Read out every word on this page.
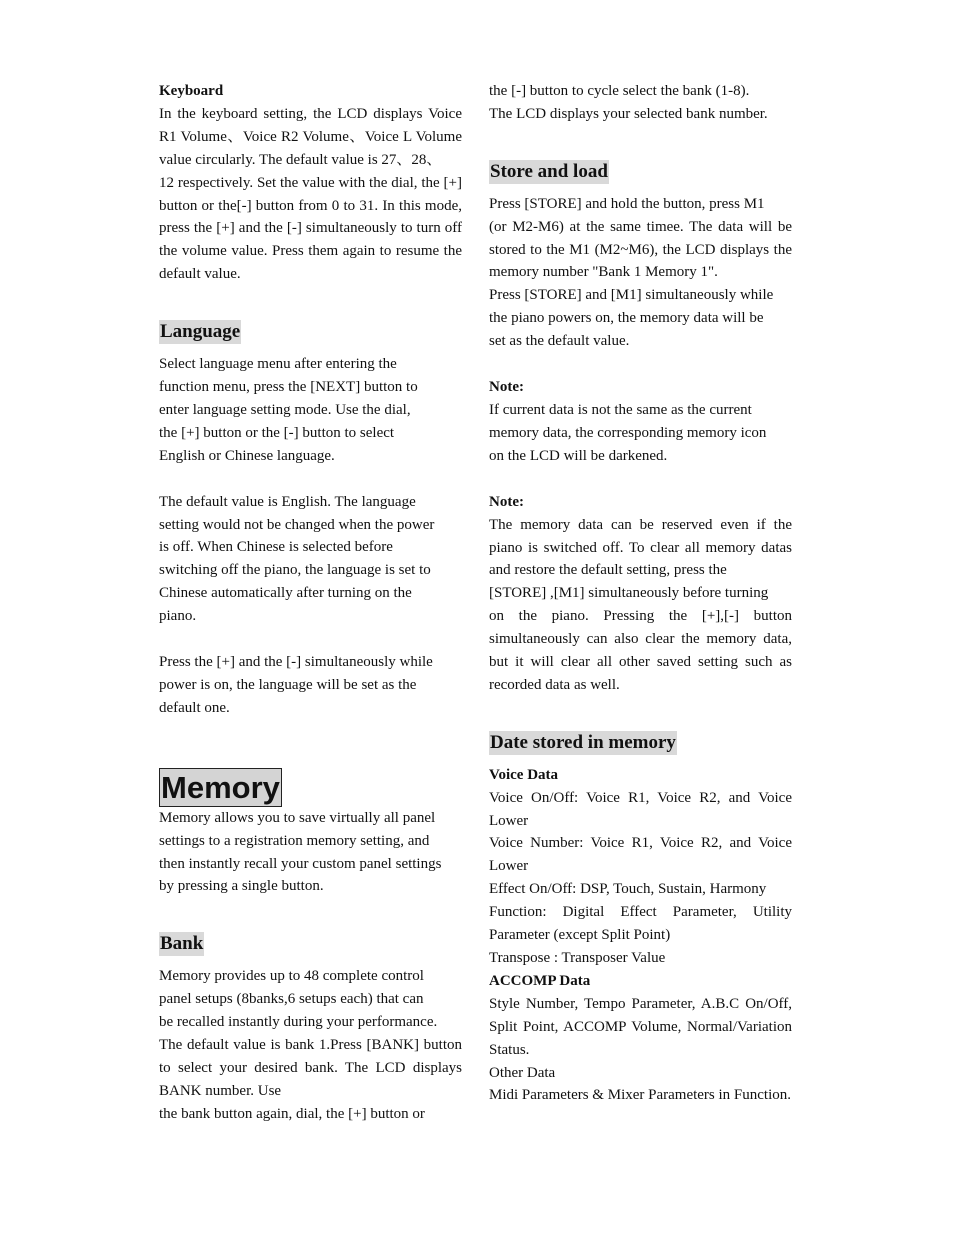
Keyboard

In the keyboard setting, the LCD displays Voice R1 Volume、Voice R2 Volume、Voice L Volume value circularly. The default value is 27、28、

12 respectively. Set the value with the dial, the [+] button or the[-] button from 0 to 31. In this mode, press the [+] and the [-] simultaneously to turn off the volume value. Press them again to resume the default value.

Language

Select language menu after entering the

function menu, press the [NEXT] button to

enter language setting mode. Use the dial,

the [+] button or the [-] button to select

English or Chinese language.

The default value is English. The language

setting would not be changed when the power

is off. When Chinese is selected before

switching off the piano, the language is set to

Chinese automatically after turning on the

piano.

Press the [+] and the [-] simultaneously while

power is on, the language will be set as the

default one.

Memory

Memory allows you to save virtually all panel

settings to a registration memory setting, and

then instantly recall your custom panel settings

by pressing a single button.

Bank

Memory provides up to 48 complete control

panel setups (8banks,6 setups each) that can

be recalled instantly during your performance.

The default value is bank 1.Press [BANK] button to select your desired bank. The LCD displays BANK number. Use

the bank button again, dial, the [+] button or

the [-] button to cycle select the bank (1-8).

The LCD displays your selected bank number.

Store and load

Press [STORE] and hold the button, press M1

(or M2-M6) at the same timee. The data will be stored to the M1 (M2~M6), the LCD displays the memory number "Bank 1 Memory 1".

Press [STORE] and [M1] simultaneously while

the piano powers on, the memory data will be

set as the default value.

Note:

If current data is not the same as the current

memory data, the corresponding memory icon

on the LCD will be darkened.

Note:

The memory data can be reserved even if the piano is switched off. To clear all memory datas and restore the default setting, press the

[STORE] ,[M1] simultaneously before turning

on the piano. Pressing the [+],[-] button simultaneously can also clear the memory data, but it will clear all other saved setting such as recorded data as well.

Date stored in memory

Voice Data

Voice On/Off: Voice R1, Voice R2, and Voice Lower

Voice Number: Voice R1, Voice R2, and Voice Lower

Effect On/Off: DSP, Touch, Sustain, Harmony

Function: Digital Effect Parameter, Utility Parameter (except Split Point)

Transpose : Transposer Value

ACCOMP Data

Style Number, Tempo Parameter, A.B.C On/Off, Split Point, ACCOMP Volume, Normal/Variation Status.

Other Data

Midi Parameters & Mixer Parameters in Function.
